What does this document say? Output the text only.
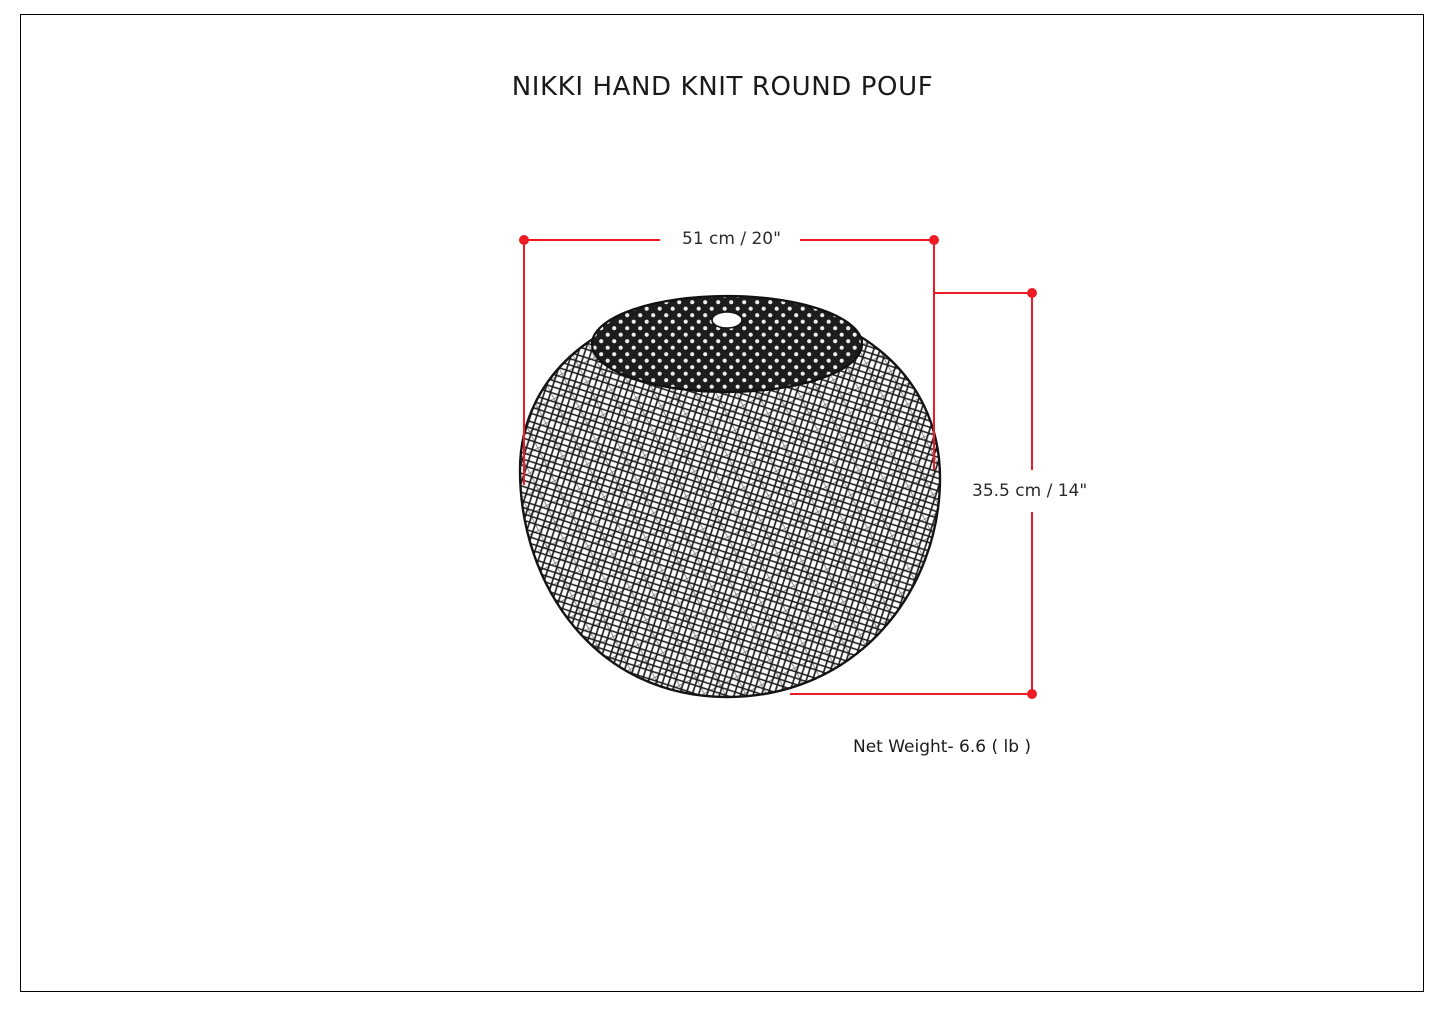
NIKKI HAND KNIT ROUND POUF
51 cm / 20"
35.5 cm / 14"
Net Weight- 6.6 ( lb )
